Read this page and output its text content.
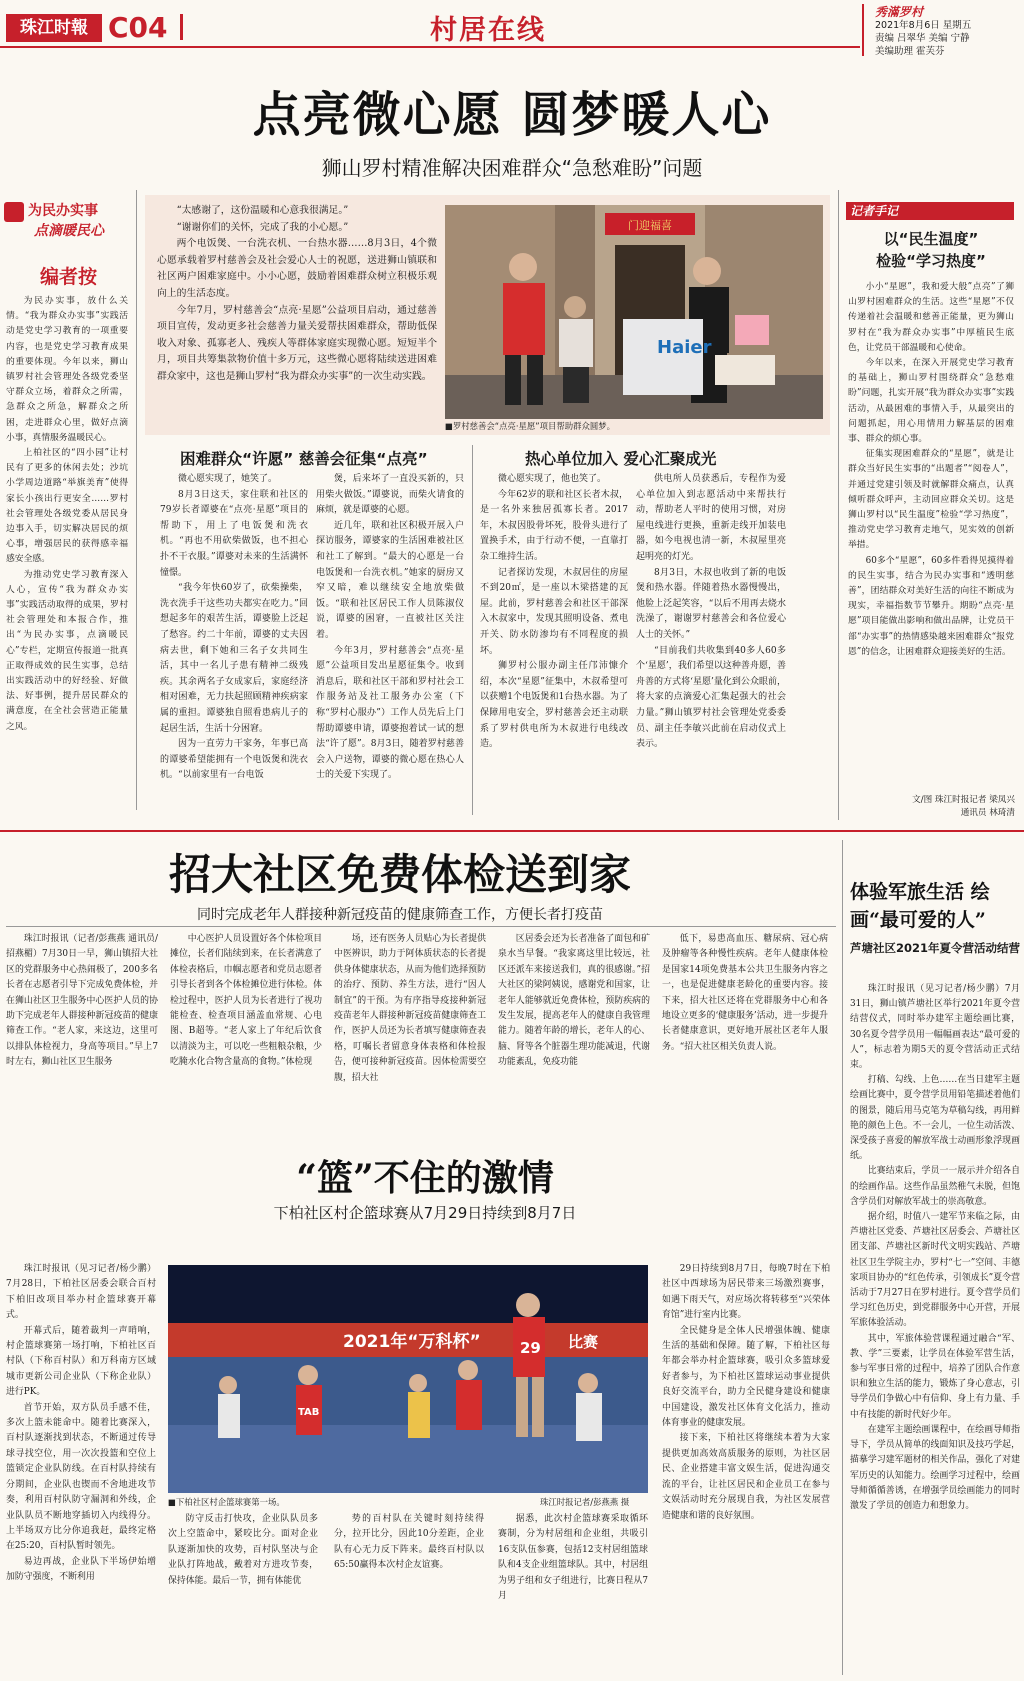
珠江时報 C04	村居在线
秀滿罗村
2021年8月6日 星期五
责编 吕翠华 美编 宁静
美编助理 霍芙芬
点亮微心愿 圆梦暖人心
狮山罗村精准解决困难群众“急愁难盼”问题
为民办实事
点滴暖民心
编者按

为民办实事，放什么关情。“我为群众办实事”实践活动是党史学习教育的一项重要内容，也是党史学习教育成果的重要体现。今年以来，狮山镇罗村社会管理处各级党委坚守群众立场，着群众之所需，急群众之所急，解群众之所困，走进群众心里，做好点滴小事，真情服务温暖民心。

上柏社区的“四小园”让村民有了更多的休闲去处；沙坑小学周边道路“举旗美育”使得家长小孩出行更安全……罗村社会管理处各级党委从居民身边事入手，切实解决居民的烦心事，增强居民的获得感幸福感安全感。

为推动党史学习教育深入人心，宣传“我为群众办实事”实践活动取得的成果，罗村社会管理处和本报合作，推出“为民办实事，点滴暖民心”专栏，定期宣传报道一批真正取得成效的民生实事，总结出实践活动中的好经验、好做法、好事例，提升居民群众的满意度，在全社会营造正能量之风。

“太感谢了，这份温暖和心意我很满足。”

“谢谢你们的关怀，完成了我的小心愿。”

两个电饭煲、一台洗衣机、一台热水器……8月3日，4个微心愿承载着罗村慈善会及社会爱心人士的祝愿，送进狮山镇联和社区两户困难家庭中。小小心愿，鼓励着困难群众树立积极乐观向上的生活态度。

今年7月，罗村慈善会“点亮·星愿”公益项目启动，通过慈善项目宣传，发动更多社会慈善力量关爱帮扶困难群众，帮助低保收入对象、孤寡老人、残疾人等群体家庭实现微心愿。短短半个月，项目共筹集款物价值十多万元，这些微心愿将陆续送进困难群众家中，这也是狮山罗村“我为群众办实事”的一次生动实践。

门迎福喜
Haier
■罗村慈善会“点亮·星愿”项目帮助群众圆梦。
困难群众“许愿” 慈善会征集“点亮”	热心单位加入 爱心汇聚成光

微心愿实现了，她笑了。

8月3日这天，家住联和社区的79岁长者谭婆在“点亮·星愿”项目的帮助下，用上了电饭煲和洗衣机。“再也不用砍柴做饭，也不担心扑不干衣服。”谭婆对未来的生活满怀憧憬。

“我今年快60岁了，砍柴操柴，洗衣洗手干这些功夫都实在吃力。”回想起多年的艰苦生活，谭婆脸上泛起了愁容。约二十年前，谭婆的丈夫因病去世，剩下她和三名子女共同生活，其中一名儿子患有精神二级残疾。其余两名子女成家后，家庭经济相对困难，无力扶起照顾精神疾病家属的重担。谭婆独自照看患病儿子的起居生活，生活十分困窘。

因为一直劳力干家务，年事已高的谭婆希望能拥有一个电饭煲和洗衣机。“以前家里有一台电饭

煲，后来坏了一直没买新的，只用柴火做饭。”谭婆说，而柴火请食的麻烦，就是谭婆的心愿。

近几年，联和社区积极开展入户探访服务，谭婆家的生活困难被社区和社工了解到。“最大的心愿是一台电饭煲和一台洗衣机。”她家的厨房又窄又暗，难以继续安全地放柴做饭。“联和社区居民工作人员陈淑仪说，谭婆的困窘，一直被社区关注着。

今年3月，罗村慈善会“点亮·星愿”公益项目发出星愿征集令。收到消息后，联和社区干部和罗村社会工作服务站及社工服务办公室（下称“罗村心服办”）工作人员先后上门帮助谭婆申请，谭婆抱着试一试的想法“许了愿”。8月3日，随着罗村慈善会入户送物，谭婆的微心愿在热心人士的关爱下实现了。

微心愿实现了，他也笑了。

今年62岁的联和社区长者木叔，是一名外来独居孤寡长者。2017年，木叔因股骨坏死，股骨头进行了置换手术，由于行动不便，一直靠打杂工维持生活。

记者探访发现，木叔居住的房屋不到20㎡，是一座以木梁搭建的瓦屋。此前，罗村慈善会和社区干部深入木叔家中，发现其照明设备、煮电开关、防水防渗均有不同程度的损坏。

狮罗村公服办副主任邝沛慷介绍，本次“星愿”征集中，木叔希望可以获赠1个电饭煲和1台热水器。为了保障用电安全，罗村慈善会还主动联系了罗村供电所为木叔进行电线改造。

供电所人员获悉后，专程作为爱心单位加入到志愿活动中来帮扶行动，帮助老人平时的使用习惯，对房屋电线进行更换，重新走线开加装电器，如今电视也清一新，木叔屋里亮起明亮的灯光。

8月3日，木叔也收到了新的电饭煲和热水器。伴随着热水器慢慢出，他脸上泛起笑容，“以后不用再去烧水洗澡了，谢谢罗村慈善会和各位爱心人士的关怀。”

“目前我们共收集到40多人60多个‘星愿’，我们希望以这种善舟愿，善舟善的方式将‘星愿’量化到公众眼前，将大家的点滴爱心汇集起强大的社会力量。”狮山镇罗村社会管理处党委委员、副主任李敏兴此前在启动仪式上表示。

记者手记
以“民生温度”
检验“学习热度”

小小“星愿”，我和爱大般”点亮”了狮山罗村困难群众的生活。这些“星愿”不仅传递着社会温暖和慈善正能量，更为狮山罗村在“我为群众办实事”中厚植民生底色，让党员干部温暖和心使命。

今年以来，在深入开展党史学习教育的基础上，狮山罗村围绕群众“急愁难盼”问题，扎实开展“我为群众办实事”实践活动，从最困难的事情入手，从最突出的问题抓起，用心用情用力解基层的困难事、群众的烦心事。

征集实现困难群众的“星愿”，就是让群众当好民生实事的“出题者”“阅卷人”，并通过党建引领及时就解群众痛点，认真倾听群众呼声，主动回应群众关切。这是狮山罗村以“民生温度”检验“学习热度”，推动党史学习教育走地气，见实效的创新举措。

60多个“星愿”，60多件看得见摸得着的民生实事，结合为民办实事和“透明慈善”，团结群众对美好生活的向往不断成为现实，幸福指数节节攀升。期盼“点亮·星愿”项目能做出影响和做出品牌，让党员干部“办实事”的热情感染越来困难群众“报党恩”的信念，让困难群众迎接美好的生活。

文/图 珠江时报记者 梁凤兴
通讯员 林琦清
招大社区免费体检送到家
同时完成老年人群接种新冠疫苗的健康筛查工作，方便长者打疫苗

珠江时报讯（记者/彭燕燕 通讯员/招燕楣）7月30日一早，狮山镇招大社区的党群服务中心热闹极了，200多名长者在志愿者引导下完成免费体检，并在狮山社区卫生服务中心医护人员的协助下完成老年人群接种新冠疫苗的健康筛查工作。“老人家，来这边，这里可以排队体检视力，身高等项目。”早上7时左右，狮山社区卫生服务

中心医护人员设置好各个体检项目摊位，长者们陆续到来，在长者满意了体检表格后，巾帼志愿者和党员志愿者引导长者到各个体检摊位进行体检。体检过程中，医护人员为长者进行了视功能检查、检查项目涵盖血常规、心电图、B超等。“老人家上了年纪后饮食以清淡为主，可以吃一些粗粮杂粮，少吃腌水化合物含量高的食物。”体检现

场，还有医务人员贴心为长者提供中医辨识，助力于阿体质状态的长者提供身体健康状态，从而为他们选择预防的治疗、预防、养生方法，进行“因人制宜”的干预。为有序指导疫接种新冠疫苗老年人群接种新冠疫苗健康筛查工作，医护人员还为长者填写健康筛查表格，叮嘱长者留意身体表格和体检报告，便可接种新冠疫苗。因体检需要空腹，招大社

区居委会还为长者准备了面包和矿泉水当早餐。“我家离这里比较远，社区还派车来接送我们，真的很感谢。”招大社区的梁阿姨说，感谢党和国家，让老年人能够就近免费体检，预防疾病的发生发展，提高老年人的健康自我管理能力。随着年龄的增长，老年人的心、脑、肾等各个脏器生理功能减退，代谢功能紊乱，免疫功能

低下，易患高血压、糖尿病、冠心病及肿瘤等各种慢性疾病。老年人健康体检是国家14项免费基本公共卫生服务内容之一，也是促进健康老龄化的重要内容。接下来，招大社区还将在党群服务中心和各地设立更多的‘健康服务’活动，进一步提升长者健康意识，更好地开展社区老年人服务。“招大社区相关负责人说。

体验军旅生活 绘画“最可爱的人”
芦塘社区2021年夏令营活动结营

珠江时报讯（见习记者/杨少鹏）7月31日，狮山镇芦塘社区举行2021年夏令营结营仪式，同时举办建军主题绘画比赛，30名夏令营学员用一幅幅画表达“最可爱的人”，标志着为期5天的夏令营活动正式结束。

打稿、勾线、上色……在当日建军主题绘画比赛中，夏令营学员用铅笔描述着他们的图景，随后用马克笔为草稿勾线，再用鲜艳的颜色上色。不一会儿，一位生动活泼、深受孩子喜爱的解放军战士动画形象浮现画纸。

比赛结束后，学员一一展示并介绍各自的绘画作品。这些作品虽然稚气未脱，但饱含学员们对解放军战士的崇高敬意。

据介绍，时值八一建军节来临之际，由芦塘社区党委、芦塘社区居委会、芦塘社区团支部、芦塘社区新时代文明实践站、芦塘社区卫生学院主办，罗村“七一”空间、丰德家项目协办的“红色传承，引领成长”夏令营活动于7月27日在罗村进行。夏令营学员们学习红色历史，到党群服务中心开营，开展军旅体验活动。

其中，军旅体验营课程通过融合“军、教、学”三要素，让学员在体验军营生活，参与军事日常的过程中，培养了团队合作意识和独立生活的能力，锻炼了身心意志，引导学员们争做心中有信仰、身上有力量、手中有技能的新时代好少年。

在建军主题绘画课程中，在绘画导师指导下，学员从简单的线面知识及技巧学起，描摹学习建军题材的相关作品，强化了对建军历史的认知能力。绘画学习过程中，绘画导师循循善诱，在增强学员绘画能力的同时激发了学员的创造力和想象力。

“篮”不住的激情
下柏社区村企篮球赛从7月29日持续到8月7日

珠江时报讯（见习记者/杨少鹏）7月28日，下柏社区居委会联合百村下柏旧改项目举办村企篮球赛开幕式。

开幕式后，随着裁判一声哨响，村企篮球赛第一场打响，下柏社区百村队（下称百村队）和万科南方区域城市更新公司企业队（下称企业队）进行PK。

首节开始，双方队员手感不佳，多次上篮未能命中。随着比赛深入，百村队逐渐找到状态，不断通过传导球寻找空位，用一次次投篮和空位上篮锁定企业队防线。在百村队持续有分期间，企业队也锲而不舍地进攻节奏，利用百村队防守漏洞和外线，企业队队员不断地穿插切入内线得分。上半场双方比分你追我赶，最终定格在25:20，百村队暂时领先。

易边再战，企业队下半场伊始增加防守强度，不断利用

2021年“万科杯”	比赛
29
TAB
■下柏社区村企篮球赛第一场。	珠江时报记者/彭燕燕 摄

防守反击打快攻，企业队队员多次上空篮命中，紧咬比分。面对企业队逐渐加快的攻势，百村队坚决与企业队打阵地战，戴着对方进攻节奏，保持体能。最后一节，拥有体能优

势的百村队在关键时刻持续得分，拉开比分，因此10分差距，企业队有心无力反下阵来。最终百村队以65:50赢得本次村企友谊赛。

据悉，此次村企篮球赛采取循环赛制，分为村居组和企业组，共吸引16支队伍参赛，包括12支村居组篮球队和4支企业组篮球队。其中，村居组为男子组和女子组进行，比赛日程从7月

29日持续到8月7日，每晚7时在下柏社区中西球场为居民带来三场激烈赛事，如遇下雨天气，对应场次将转移至“兴荣体育馆”进行室内比赛。

全民健身是全体人民增强体魄、健康生活的基础和保障。随了解，下柏社区每年都会举办村企篮球赛，吸引众多篮球爱好者参与，为下柏社区篮球运动事业提供良好交流平台，助力全民健身建设和健康中国建设，激发社区体育文化活力，推动体育事业的健康发展。

接下来，下柏社区将继续本着为大家提供更加高效高质服务的原则，为社区居民、企业搭建丰富文娱生活，促进沟通交流的平台，让社区居民和企业员工在参与文娱活动时充分展现自我，为社区发展营造健康和谐的良好氛围。
